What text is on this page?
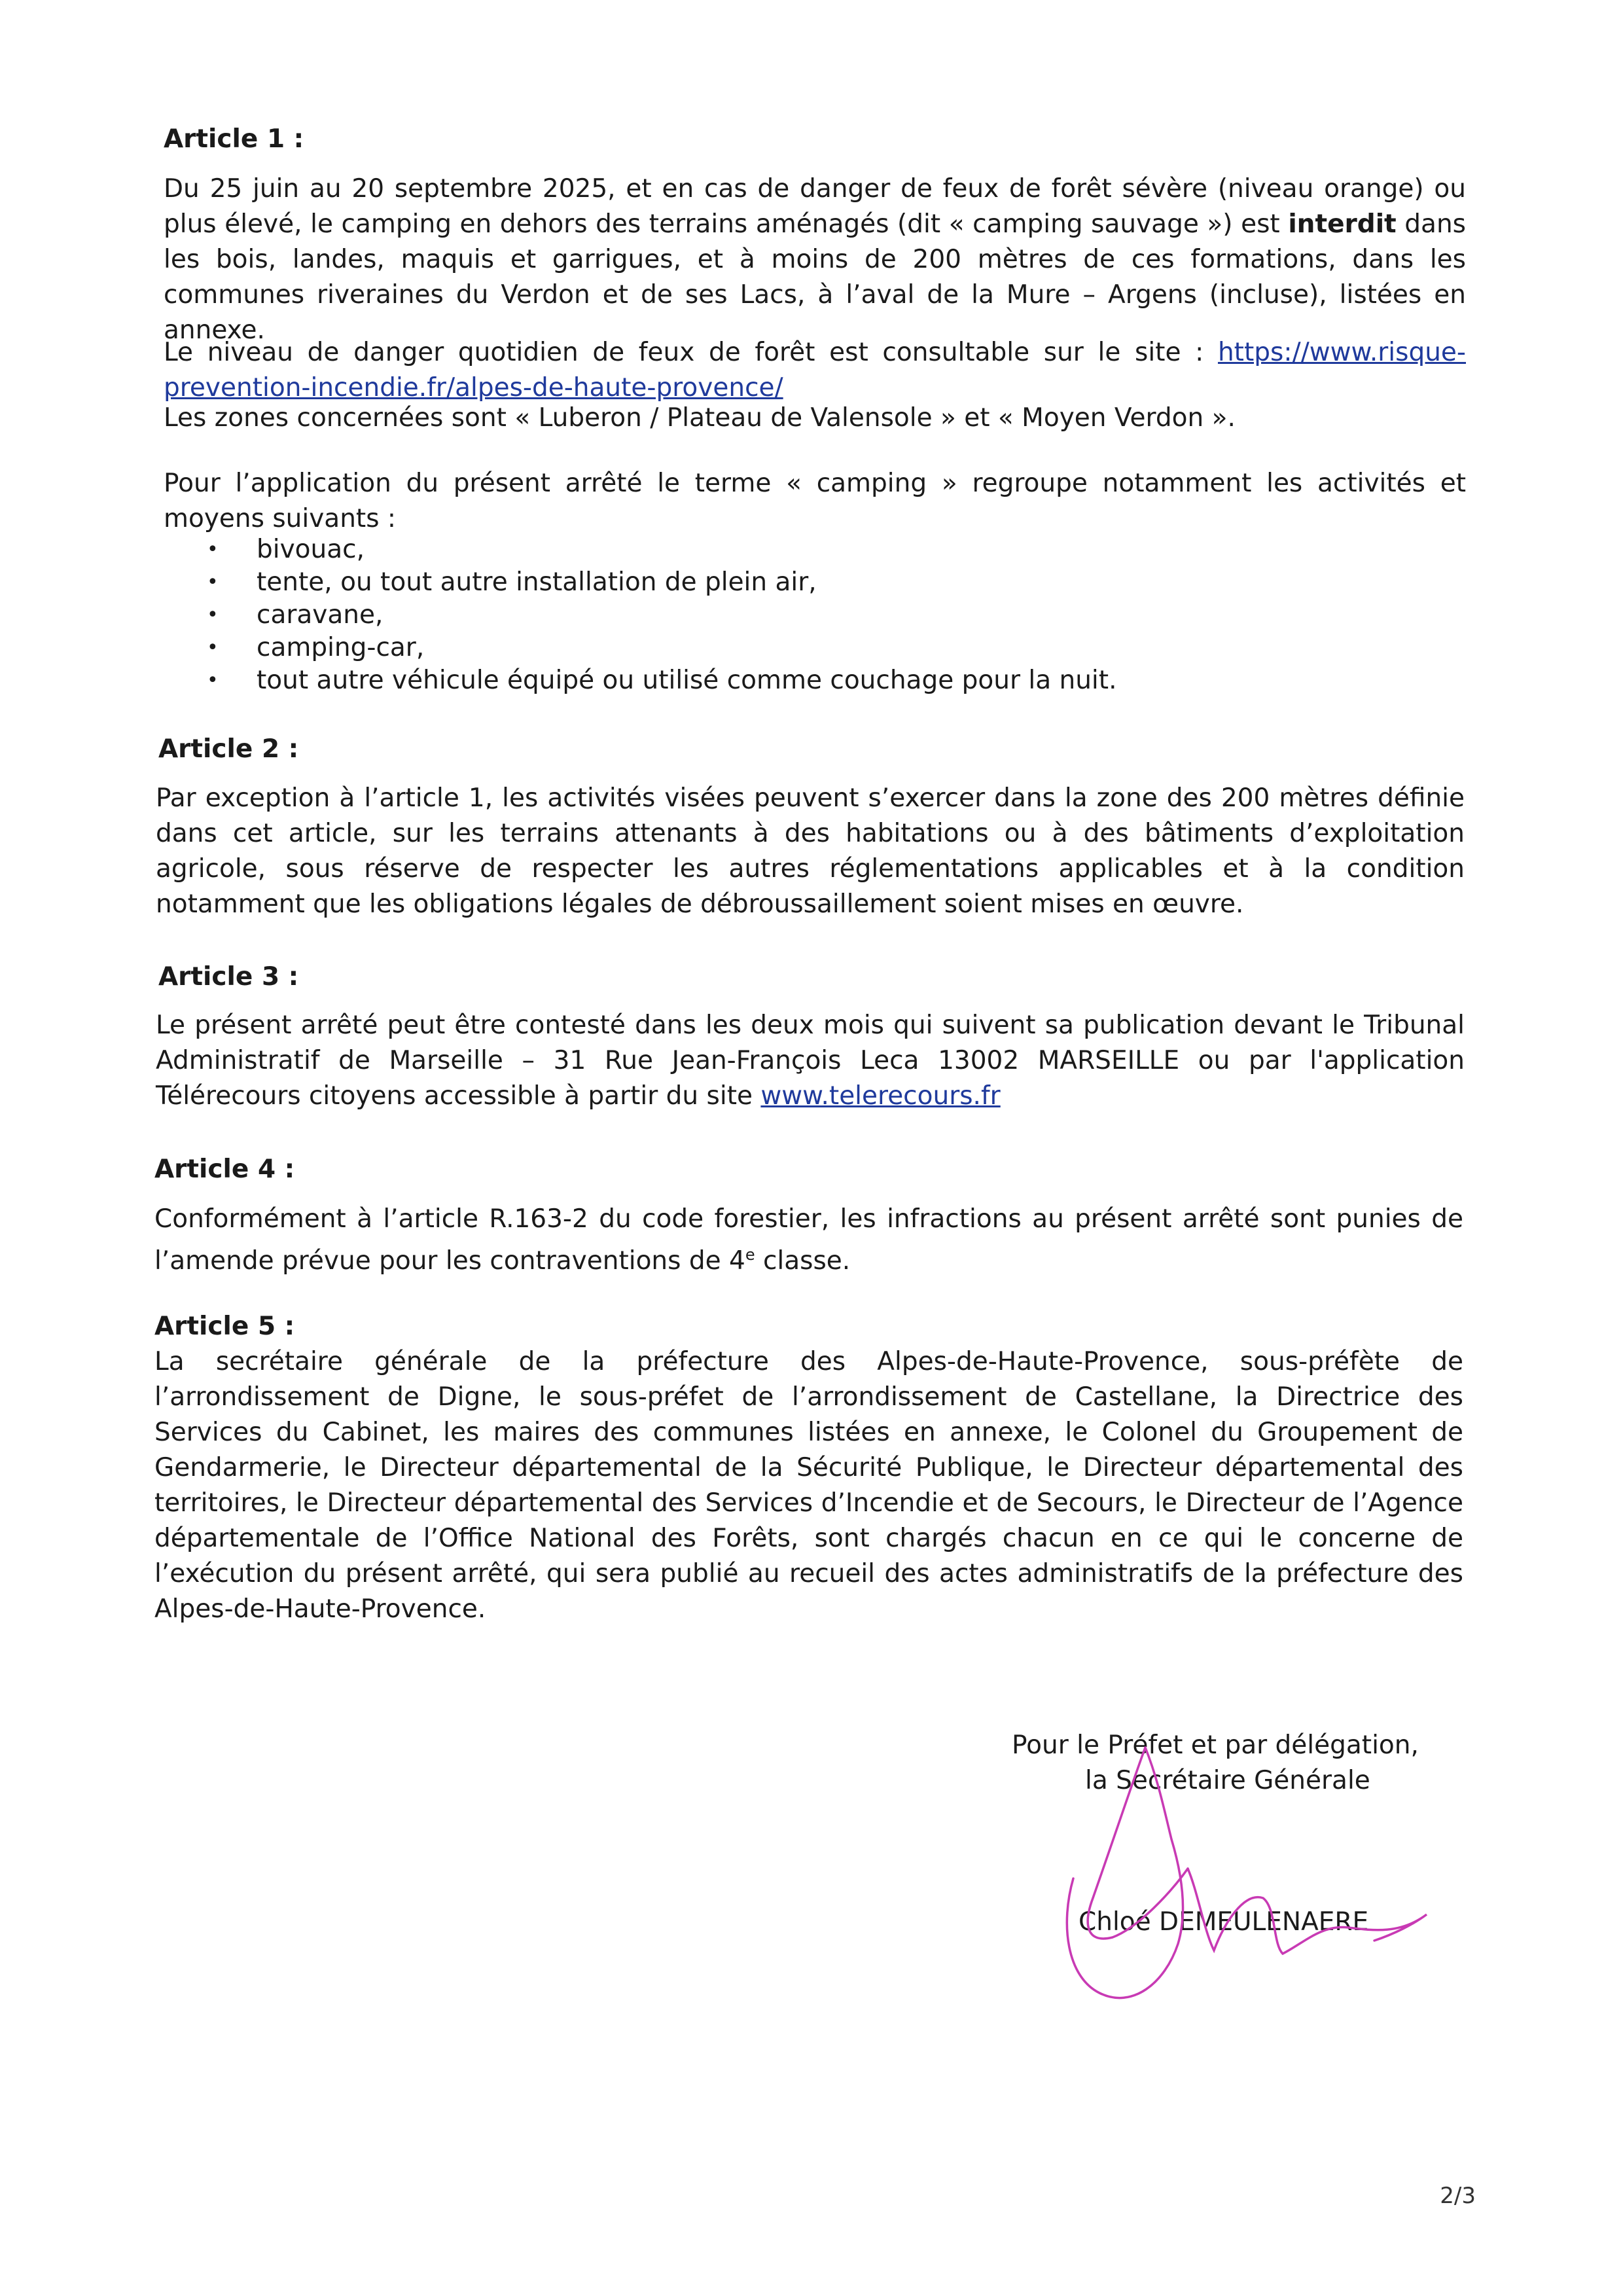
Article 1 :

Du 25 juin au 20 septembre 2025, et en cas de danger de feux de forêt sévère (niveau orange) ou plus élevé, le camping en dehors des terrains aménagés (dit « camping sauvage ») est interdit dans les bois, landes, maquis et garrigues, et à moins de 200 mètres de ces formations, dans les communes riveraines du Verdon et de ses Lacs, à l’aval de la Mure – Argens (incluse), listées en annexe.

Le niveau de danger quotidien de feux de forêt est consultable sur le site : https://www.risque-prevention-incendie.fr/alpes-de-haute-provence/

Les zones concernées sont « Luberon / Plateau de Valensole » et « Moyen Verdon ».

Pour l’application du présent arrêté le terme « camping » regroupe notamment les activités et moyens suivants :

• bivouac,
• tente, ou tout autre installation de plein air,
• caravane,
• camping-car,
• tout autre véhicule équipé ou utilisé comme couchage pour la nuit.
Article 2 :

Par exception à l’article 1, les activités visées peuvent s’exercer dans la zone des 200 mètres définie dans cet article, sur les terrains attenants à des habitations ou à des bâtiments d’exploitation agricole, sous réserve de respecter les autres réglementations applicables et à la condition notamment que les obligations légales de débroussaillement soient mises en œuvre.

Article 3 :

Le présent arrêté peut être contesté dans les deux mois qui suivent sa publication devant le Tribunal Administratif de Marseille – 31 Rue Jean-François Leca 13002 MARSEILLE ou par l'application Télérecours citoyens accessible à partir du site www.telerecours.fr

Article 4 :

Conformément à l’article R.163-2 du code forestier, les infractions au présent arrêté sont punies de l’amende prévue pour les contraventions de 4e classe.

Article 5 :

La secrétaire générale de la préfecture des Alpes-de-Haute-Provence, sous-préfète de l’arrondissement de Digne, le sous-préfet de l’arrondissement de Castellane, la Directrice des Services du Cabinet, les maires des communes listées en annexe, le Colonel du Groupement de Gendarmerie, le Directeur départemental de la Sécurité Publique, le Directeur départemental des territoires, le Directeur départemental des Services d’Incendie et de Secours, le Directeur de l’Agence départementale de l’Office National des Forêts, sont chargés chacun en ce qui le concerne de l’exécution du présent arrêté, qui sera publié au recueil des actes administratifs de la préfecture des Alpes-de-Haute-Provence.

Pour le Préfet et par délégation,
la Secrétaire Générale
Chloé DEMEULENAERE
2/3
